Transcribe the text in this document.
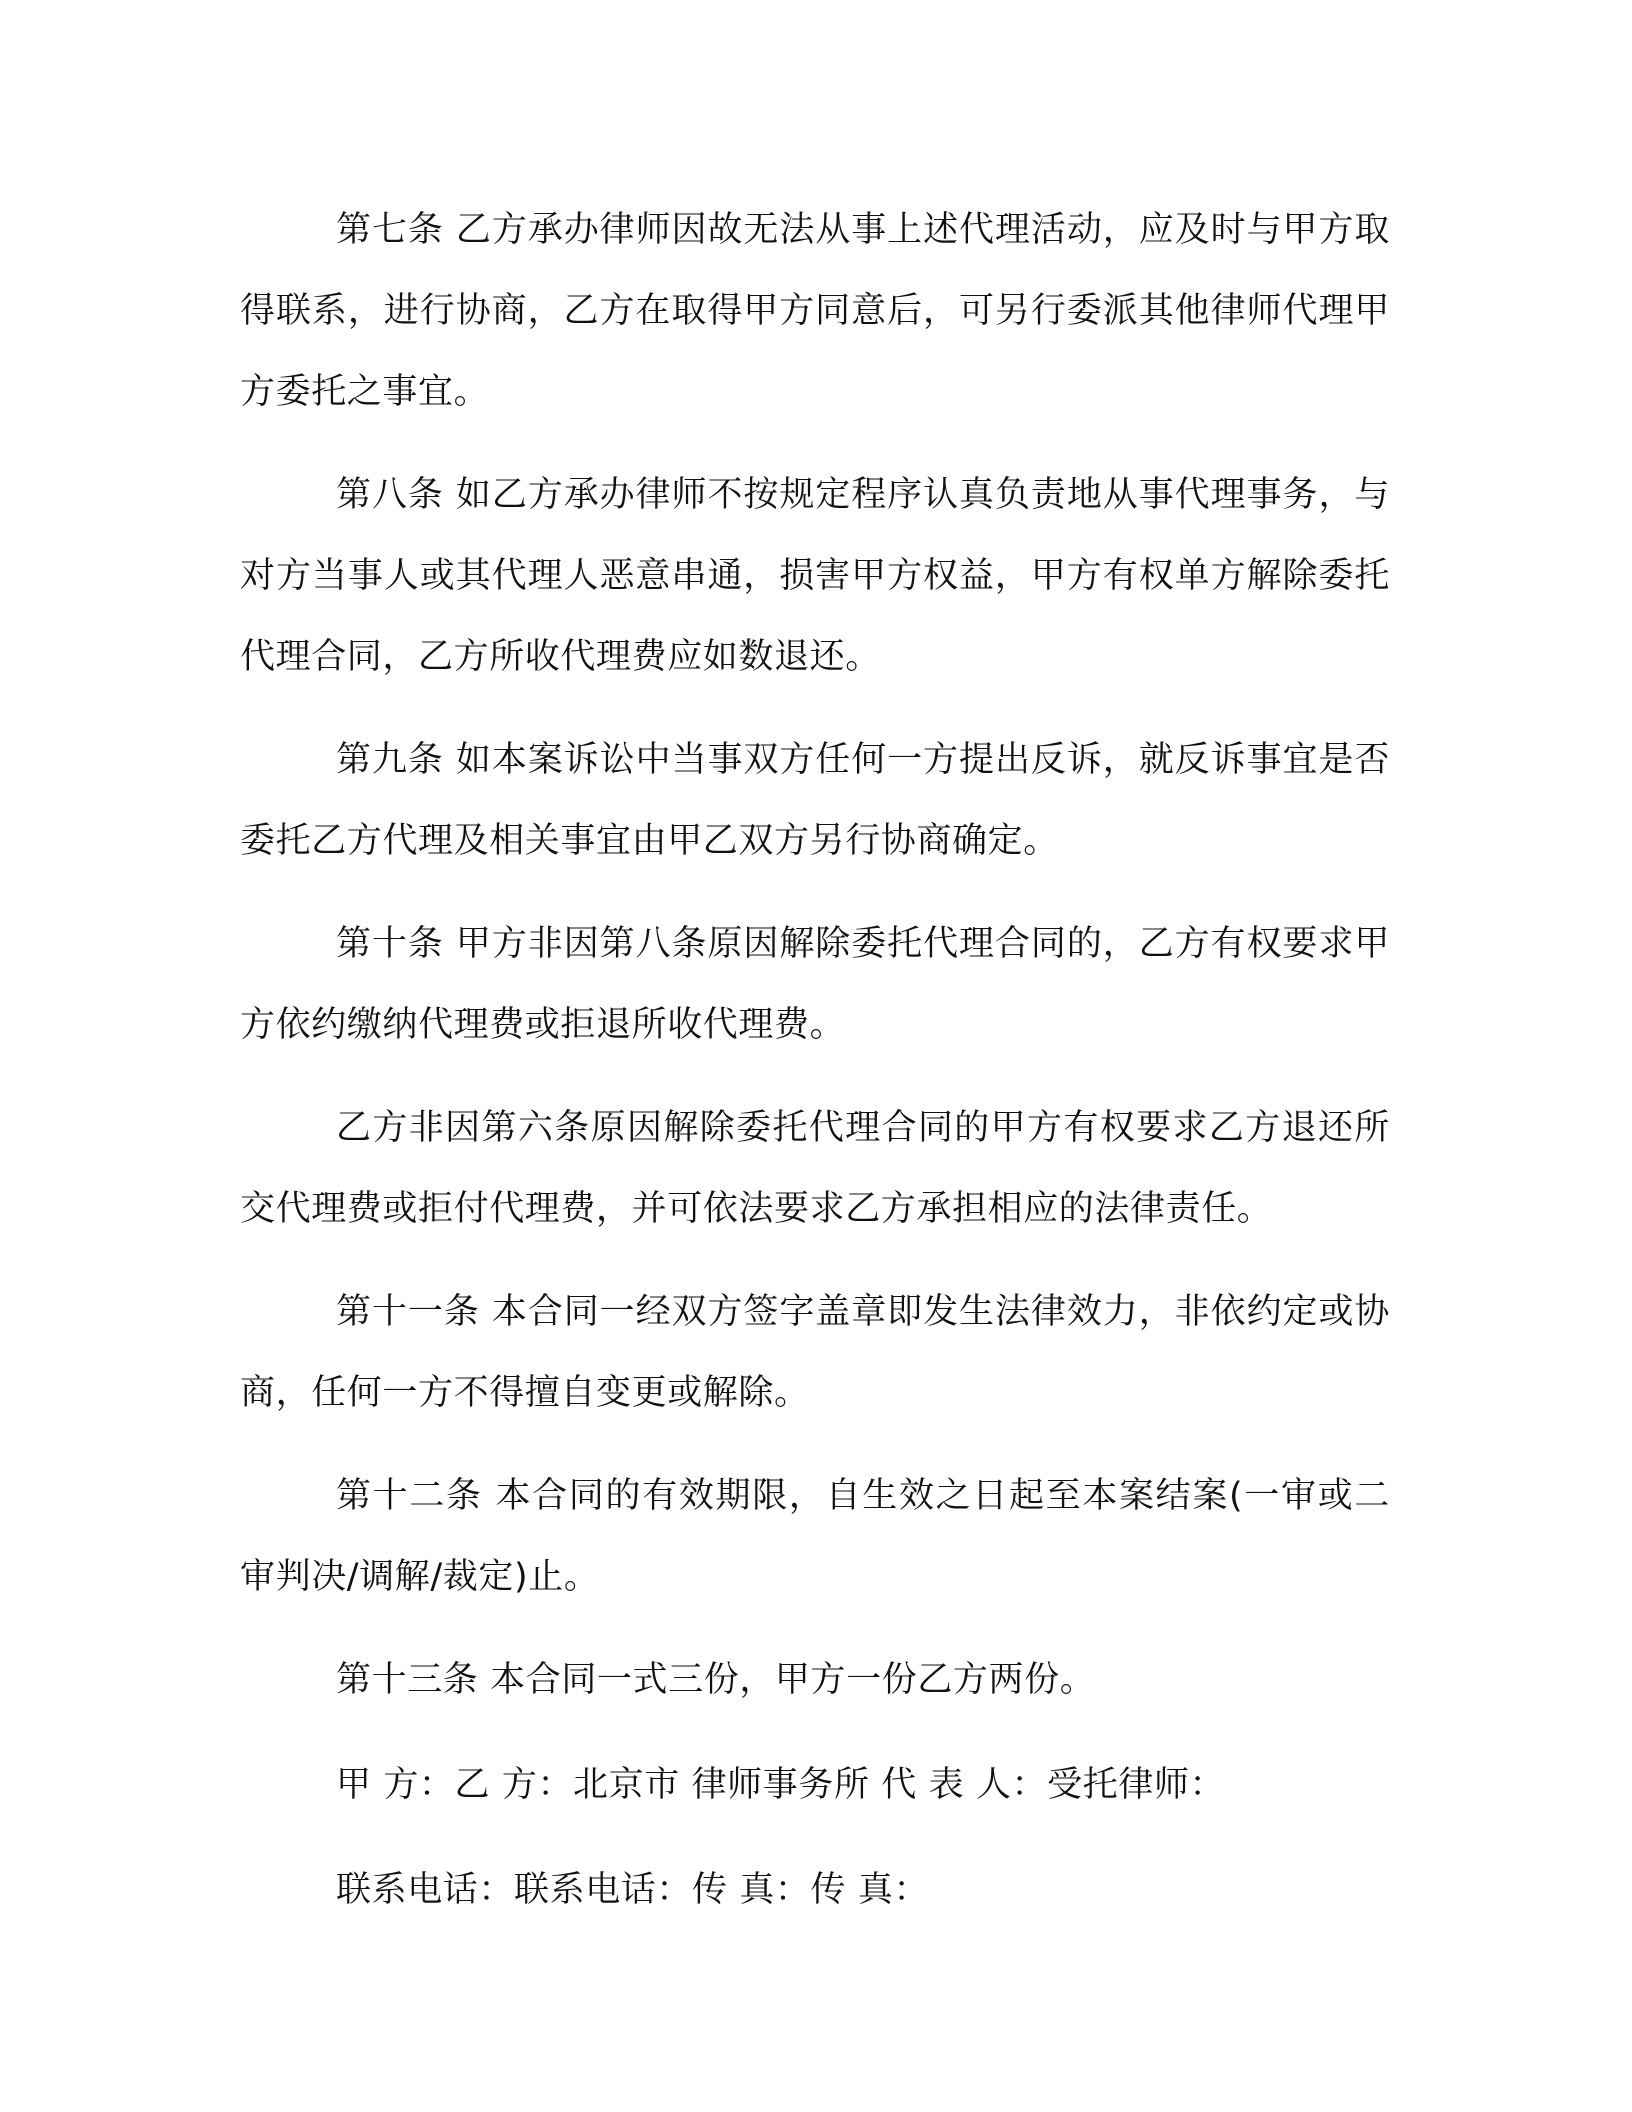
第七条 乙方承办律师因故无法从事上述代理活动，应及时与甲方取得联系，进行协商，乙方在取得甲方同意后，可另行委派其他律师代理甲方委托之事宜。

第八条 如乙方承办律师不按规定程序认真负责地从事代理事务，与对方当事人或其代理人恶意串通，损害甲方权益，甲方有权单方解除委托代理合同，乙方所收代理费应如数退还。

第九条 如本案诉讼中当事双方任何一方提出反诉，就反诉事宜是否委托乙方代理及相关事宜由甲乙双方另行协商确定。

第十条 甲方非因第八条原因解除委托代理合同的，乙方有权要求甲方依约缴纳代理费或拒退所收代理费。

乙方非因第六条原因解除委托代理合同的甲方有权要求乙方退还所交代理费或拒付代理费，并可依法要求乙方承担相应的法律责任。

第十一条 本合同一经双方签字盖章即发生法律效力，非依约定或协商，任何一方不得擅自变更或解除。

第十二条 本合同的有效期限，自生效之日起至本案结案(一审或二审判决/调解/裁定)止。

第十三条 本合同一式三份，甲方一份乙方两份。

甲 方：乙 方：北京市 律师事务所 代 表 人：受托律师：

联系电话：联系电话：传 真：传 真：
